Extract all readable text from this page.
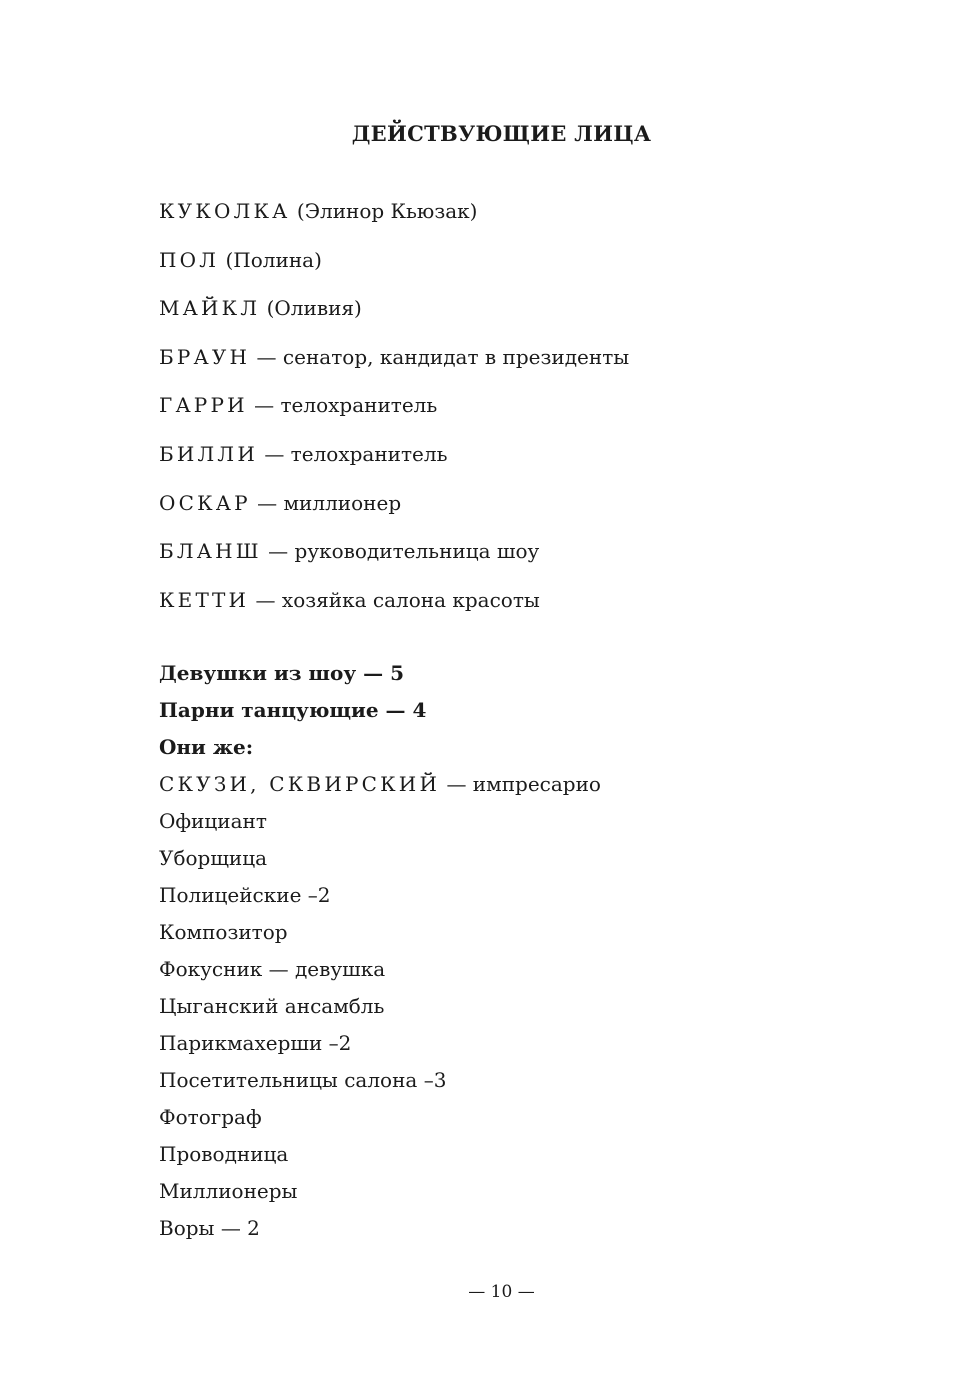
ДЕЙСТВУЮЩИЕ ЛИЦА
КУКОЛКА (Элинор Кьюзак)
ПОЛ (Полина)
МАЙКЛ (Оливия)
БРАУН — сенатор, кандидат в президенты
ГАРРИ — телохранитель
БИЛЛИ — телохранитель
ОСКАР — миллионер
БЛАНШ — руководительница шоу
КЕТТИ — хозяйка салона красоты
Девушки из шоу — 5
Парни танцующие — 4
Они же:
СКУЗИ, СКВИРСКИЙ — импресарио
Официант
Уборщица
Полицейские –2
Композитор
Фокусник — девушка
Цыганский ансамбль
Парикмахерши –2
Посетительницы салона –3
Фотограф
Проводница
Миллионеры
Воры — 2
— 10 —
